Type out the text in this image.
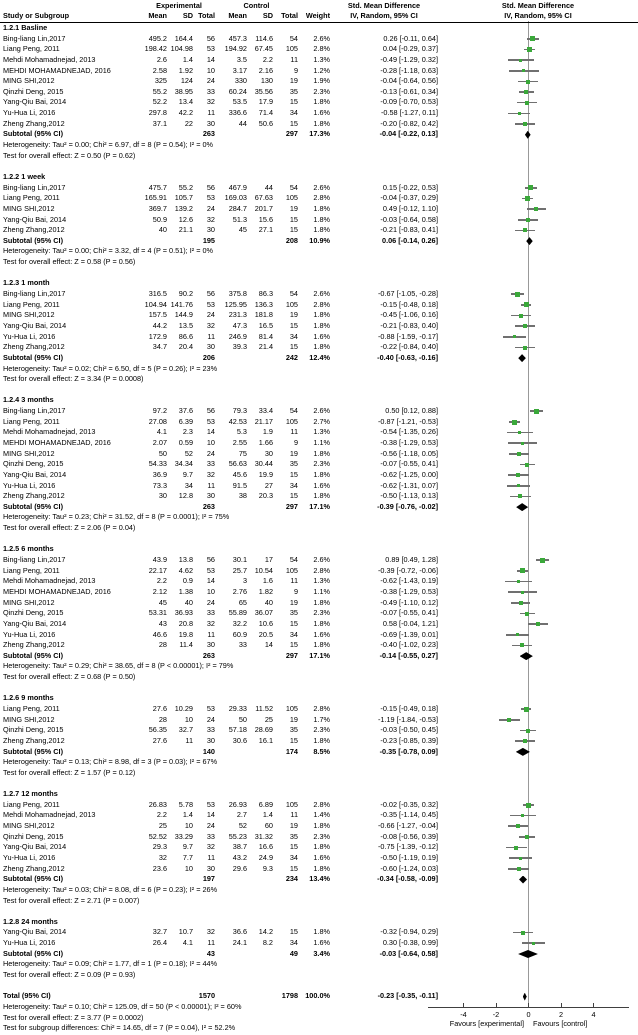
Experimental	Control	Std. Mean Difference	Std. Mean Difference
Study or Subgroup	Mean	SD Total	Mean	SD	Total	Weight	IV, Random, 95% CI	IV, Random, 95% CI
1.2.1 Basline
Bing-liang Lin,2017	495.2	164.4	56	457.3	114.6	54	2.6%	0.26 [-0.11, 0.64]
Liang Peng, 2011	198.42 104.98	53	194.92	67.45	105	2.8%	0.04 [-0.29, 0.37]
Mehdi Mohamadnejad, 2013	2.6	1.4	14	3.5	2.2	11	1.3%	-0.49 [-1.29, 0.32]
MEHDI MOHAMADNEJAD, 2016	2.58	1.92	10	3.17	2.16	9	1.2%	-0.28 [-1.18, 0.63]
MING SHI,2012	325	124	24	330	130	19	1.9%	-0.04 [-0.64, 0.56]
Qinzhi Deng, 2015	55.2	38.95	33	60.24	35.56	35	2.3%	-0.13 [-0.61, 0.34]
Yang-Qiu Bai, 2014	52.2	13.4	32	53.5	17.9	15	1.8%	-0.09 [-0.70, 0.53]
Yu-Hua Li, 2016	297.8	42.2	11	336.6	71.4	34	1.6%	-0.58 [-1.27, 0.11]
Zheng Zhang,2012	37.1	22	30	44	50.6	15	1.8%	-0.20 [-0.82, 0.42]
Subtotal (95% CI)	263	297	17.3%	-0.04 [-0.22, 0.13]
Heterogeneity: Tau² = 0.00; Chi² = 6.97, df = 8 (P = 0.54); I² = 0%
Test for overall effect: Z = 0.50 (P = 0.62)
1.2.2 1 week
Bing-liang Lin,2017	475.7	55.2	56	467.9	44	54	2.6%	0.15 [-0.22, 0.53]
Liang Peng, 2011	165.91	105.7	53	169.03	67.63	105	2.8%	-0.04 [-0.37, 0.29]
MING SHI,2012	369.7	139.2	24	284.7	201.7	19	1.8%	0.49 [-0.12, 1.10]
Yang-Qiu Bai, 2014	50.9	12.6	32	51.3	15.6	15	1.8%	-0.03 [-0.64, 0.58]
Zheng Zhang,2012	40	21.1	30	45	27.1	15	1.8%	-0.21 [-0.83, 0.41]
Subtotal (95% CI)	195	208	10.9%	0.06 [-0.14, 0.26]
Heterogeneity: Tau² = 0.00; Chi² = 3.32, df = 4 (P = 0.51); I² = 0%
Test for overall effect: Z = 0.58 (P = 0.56)
1.2.3 1 month
Bing-liang Lin,2017	316.5	90.2	56	375.8	86.3	54	2.6%	-0.67 [-1.05, -0.28]
Liang Peng, 2011	104.94 141.76	53	125.95	136.3	105	2.8%	-0.15 [-0.48, 0.18]
MING SHI,2012	157.5	144.9	24	231.3	181.8	19	1.8%	-0.45 [-1.06, 0.16]
Yang-Qiu Bai, 2014	44.2	13.5	32	47.3	16.5	15	1.8%	-0.21 [-0.83, 0.40]
Yu-Hua Li, 2016	172.9	86.6	11	246.9	81.4	34	1.6%	-0.88 [-1.59, -0.17]
Zheng Zhang,2012	34.7	20.4	30	39.3	21.4	15	1.8%	-0.22 [-0.84, 0.40]
Subtotal (95% CI)	206	242	12.4%	-0.40 [-0.63, -0.16]
Heterogeneity: Tau² = 0.02; Chi² = 6.50, df = 5 (P = 0.26); I² = 23%
Test for overall effect: Z = 3.34 (P = 0.0008)
1.2.4 3 months
Bing-liang Lin,2017	97.2	37.6	56	79.3	33.4	54	2.6%	0.50 [0.12, 0.88]
Liang Peng, 2011	27.08	6.39	53	42.53	21.17	105	2.7%	-0.87 [-1.21, -0.53]
Mehdi Mohamadnejad, 2013	4.1	2.3	14	5.3	1.9	11	1.3%	-0.54 [-1.35, 0.26]
MEHDI MOHAMADNEJAD, 2016	2.07	0.59	10	2.55	1.66	9	1.1%	-0.38 [-1.29, 0.53]
MING SHI,2012	50	52	24	75	30	19	1.8%	-0.56 [-1.18, 0.05]
Qinzhi Deng, 2015	54.33	34.34	33	56.63	30.44	35	2.3%	-0.07 [-0.55, 0.41]
Yang-Qiu Bai, 2014	36.9	9.7	32	45.6	19.9	15	1.8%	-0.62 [-1.25, 0.00]
Yu-Hua Li, 2016	73.3	34	11	91.5	27	34	1.6%	-0.62 [-1.31, 0.07]
Zheng Zhang,2012	30	12.8	30	38	20.3	15	1.8%	-0.50 [-1.13, 0.13]
Subtotal (95% CI)	263	297	17.1%	-0.39 [-0.76, -0.02]
Heterogeneity: Tau² = 0.23; Chi² = 31.52, df = 8 (P = 0.0001); I² = 75%
Test for overall effect: Z = 2.06 (P = 0.04)
1.2.5 6 months
Bing-liang Lin,2017	43.9	13.8	56	30.1	17	54	2.6%	0.89 [0.49, 1.28]
Liang Peng, 2011	22.17	4.62	53	25.7	10.54	105	2.8%	-0.39 [-0.72, -0.06]
Mehdi Mohamadnejad, 2013	2.2	0.9	14	3	1.6	11	1.3%	-0.62 [-1.43, 0.19]
MEHDI MOHAMADNEJAD, 2016	2.12	1.38	10	2.76	1.82	9	1.1%	-0.38 [-1.29, 0.53]
MING SHI,2012	45	40	24	65	40	19	1.8%	-0.49 [-1.10, 0.12]
Qinzhi Deng, 2015	53.31	36.93	33	55.89	36.07	35	2.3%	-0.07 [-0.55, 0.41]
Yang-Qiu Bai, 2014	43	20.8	32	32.2	10.6	15	1.8%	0.58 [-0.04, 1.21]
Yu-Hua Li, 2016	46.6	19.8	11	60.9	20.5	34	1.6%	-0.69 [-1.39, 0.01]
Zheng Zhang,2012	28	11.4	30	33	14	15	1.8%	-0.40 [-1.02, 0.23]
Subtotal (95% CI)	263	297	17.1%	-0.14 [-0.55, 0.27]
Heterogeneity: Tau² = 0.29; Chi² = 38.65, df = 8 (P < 0.00001); I² = 79%
Test for overall effect: Z = 0.68 (P = 0.50)
1.2.6 9 months
Liang Peng, 2011	27.6	10.29	53	29.33	11.52	105	2.8%	-0.15 [-0.49, 0.18]
MING SHI,2012	28	10	24	50	25	19	1.7%	-1.19 [-1.84, -0.53]
Qinzhi Deng, 2015	56.35	32.7	33	57.18	28.69	35	2.3%	-0.03 [-0.50, 0.45]
Zheng Zhang,2012	27.6	11	30	30.6	16.1	15	1.8%	-0.23 [-0.85, 0.39]
Subtotal (95% CI)	140	174	8.5%	-0.35 [-0.78, 0.09]
Heterogeneity: Tau² = 0.13; Chi² = 8.98, df = 3 (P = 0.03); I² = 67%
Test for overall effect: Z = 1.57 (P = 0.12)
1.2.7 12 months
Liang Peng, 2011	26.83	5.78	53	26.93	6.89	105	2.8%	-0.02 [-0.35, 0.32]
Mehdi Mohamadnejad, 2013	2.2	1.4	14	2.7	1.4	11	1.4%	-0.35 [-1.14, 0.45]
MING SHI,2012	25	10	24	52	60	19	1.8%	-0.66 [-1.27, -0.04]
Qinzhi Deng, 2015	52.52	33.29	33	55.23	31.32	35	2.3%	-0.08 [-0.56, 0.39]
Yang-Qiu Bai, 2014	29.3	9.7	32	38.7	16.6	15	1.8%	-0.75 [-1.39, -0.12]
Yu-Hua Li, 2016	32	7.7	11	43.2	24.9	34	1.6%	-0.50 [-1.19, 0.19]
Zheng Zhang,2012	23.6	10	30	29.6	9.3	15	1.8%	-0.60 [-1.24, 0.03]
Subtotal (95% CI)	197	234	13.4%	-0.34 [-0.58, -0.09]
Heterogeneity: Tau² = 0.03; Chi² = 8.08, df = 6 (P = 0.23); I² = 26%
Test for overall effect: Z = 2.71 (P = 0.007)
1.2.8 24 months
Yang-Qiu Bai, 2014	32.7	10.7	32	36.6	14.2	15	1.8%	-0.32 [-0.94, 0.29]
Yu-Hua Li, 2016	26.4	4.1	11	24.1	8.2	34	1.6%	0.30 [-0.38, 0.99]
Subtotal (95% CI)	43	49	3.4%	-0.03 [-0.64, 0.58]
Heterogeneity: Tau² = 0.09; Chi² = 1.77, df = 1 (P = 0.18); I² = 44%
Test for overall effect: Z = 0.09 (P = 0.93)
Total (95% CI)	1570	1798 100.0%	-0.23 [-0.35, -0.11]
Heterogeneity: Tau² = 0.10; Chi² = 125.09, df = 50 (P < 0.00001); I² = 60%
Test for overall effect: Z = 3.77 (P = 0.0002)
Test for subgroup differences: Chi² = 14.65, df = 7 (P = 0.04), I² = 52.2%	Favours [experimental] Favours [control]
-4	-2	0	2	4
